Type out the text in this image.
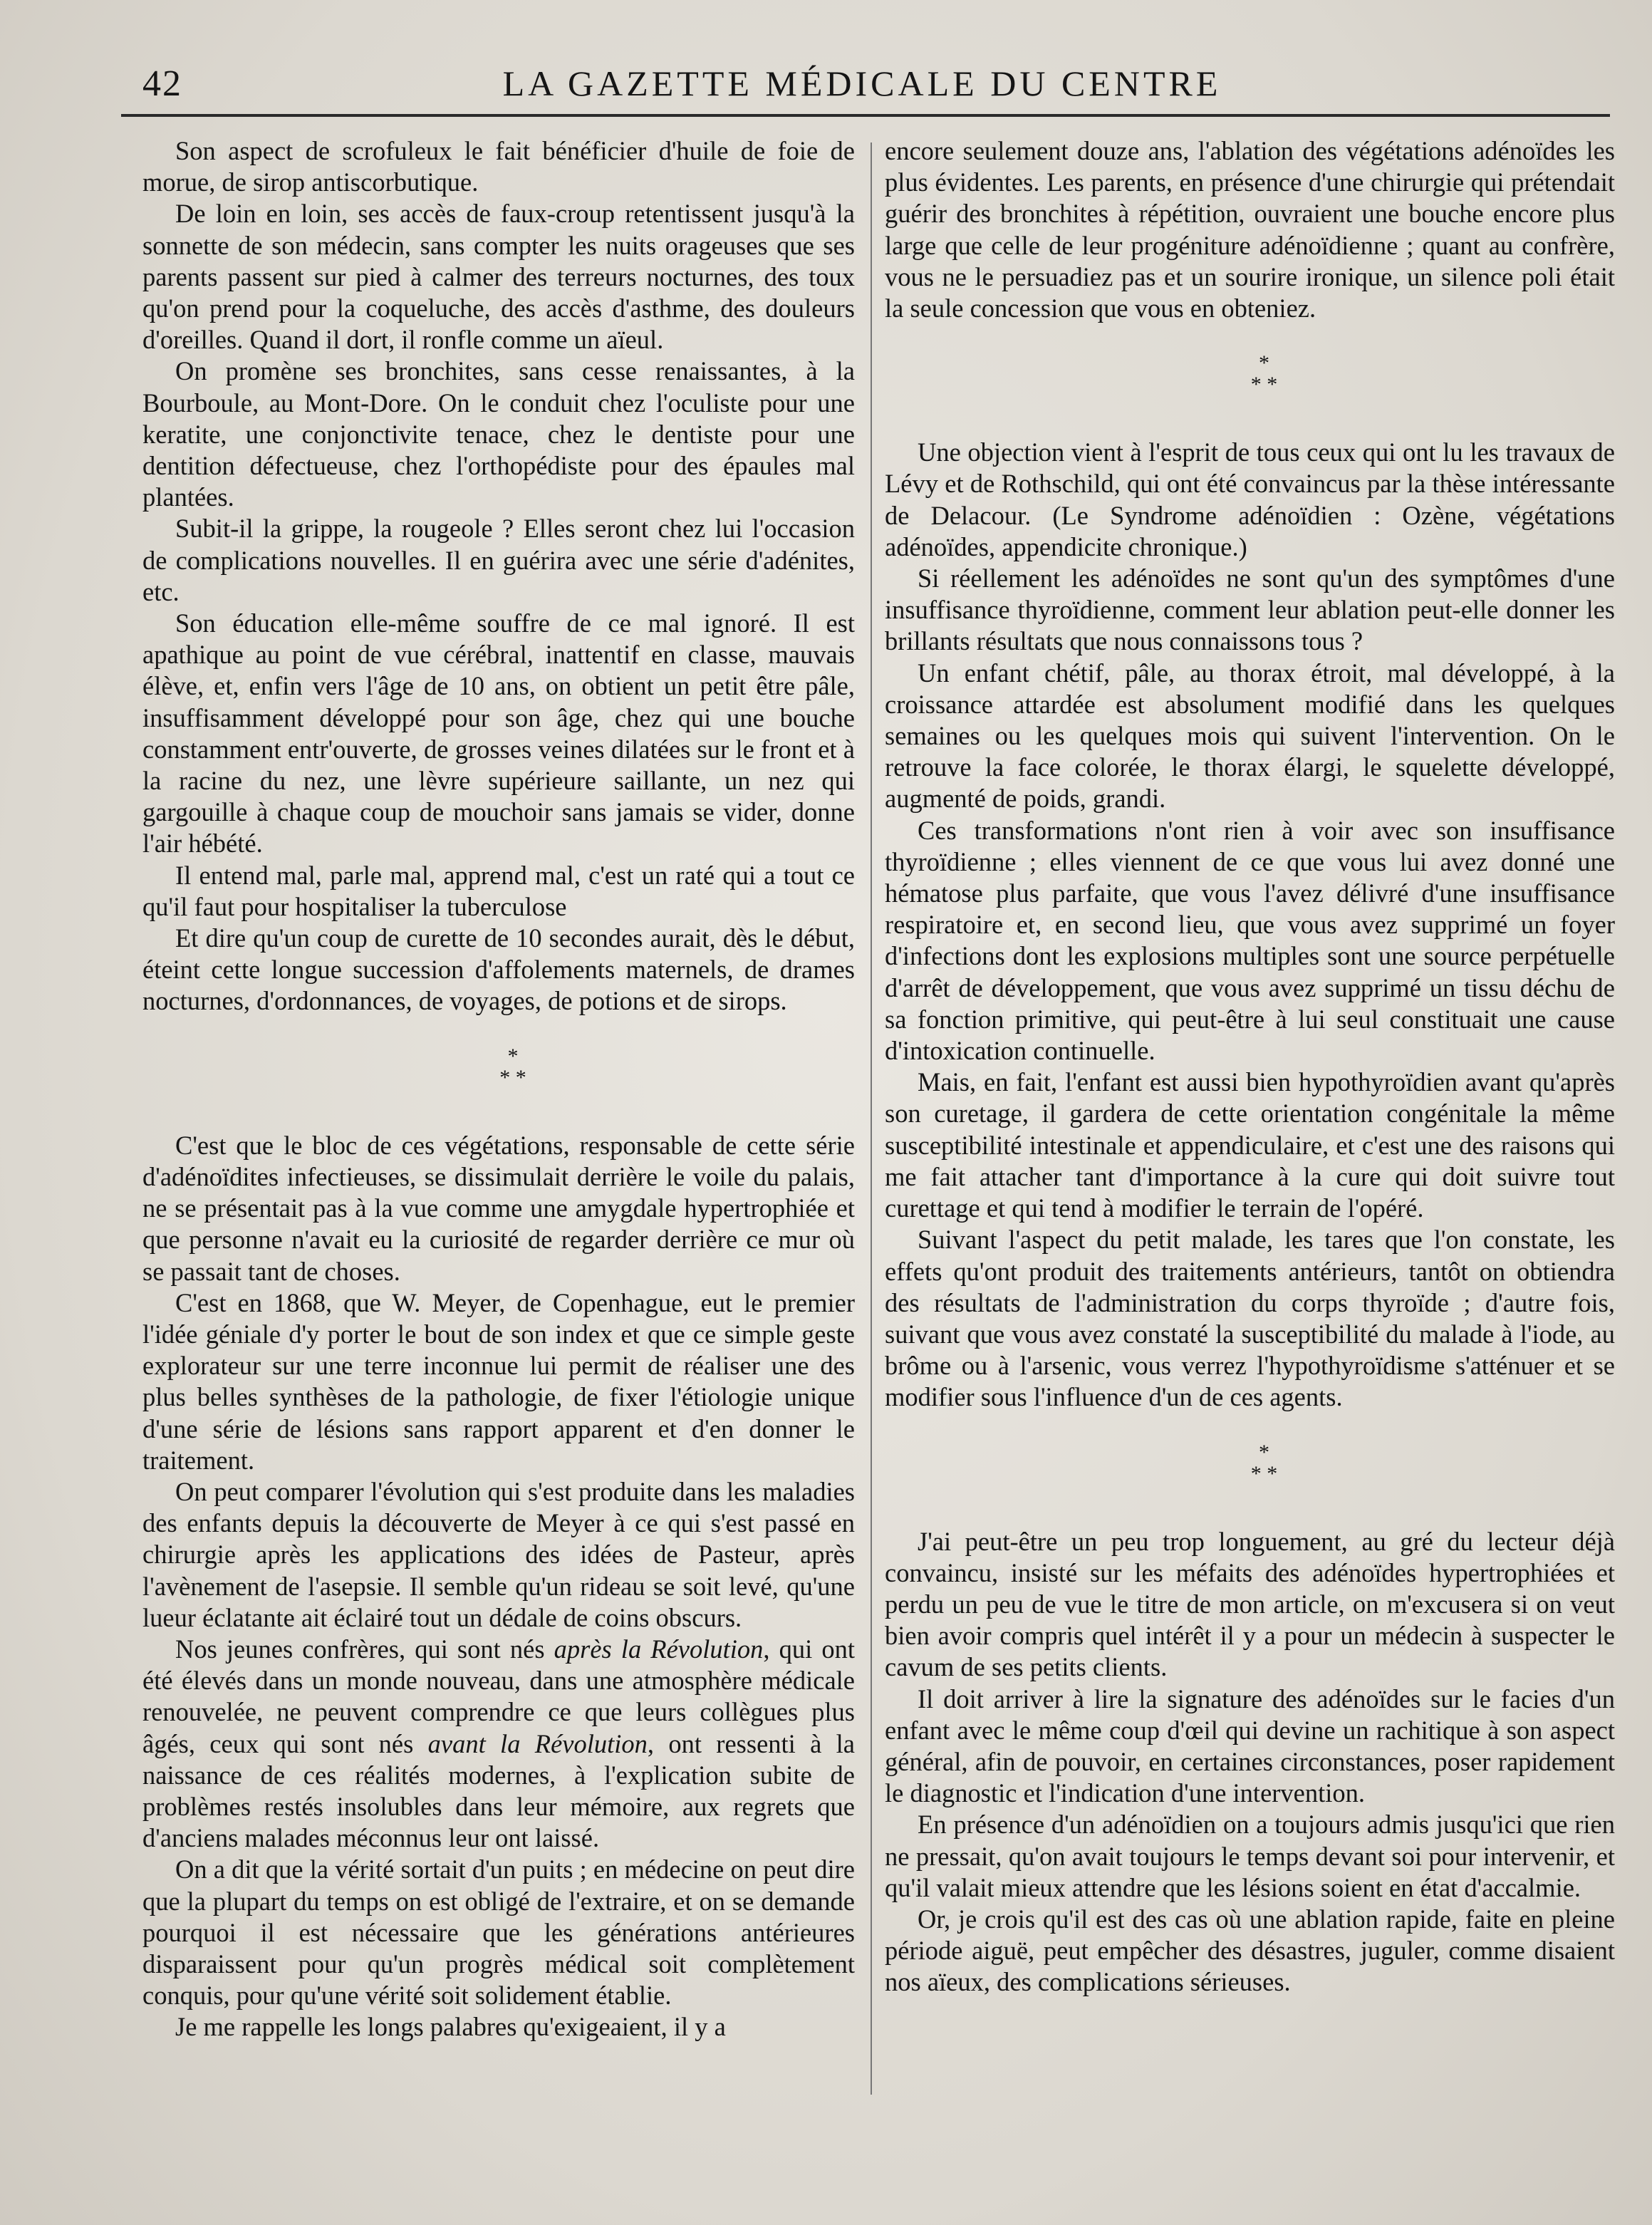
42	LA GAZETTE MÉDICALE DU CENTRE

Son aspect de scrofuleux le fait bénéficier d'huile de foie de morue, de sirop antiscorbutique.

De loin en loin, ses accès de faux-croup retentissent jusqu'à la sonnette de son médecin, sans compter les nuits orageuses que ses parents passent sur pied à calmer des terreurs nocturnes, des toux qu'on prend pour la coqueluche, des accès d'asthme, des douleurs d'oreilles. Quand il dort, il ronfle comme un aïeul.

On promène ses bronchites, sans cesse renaissantes, à la Bourboule, au Mont-Dore. On le conduit chez l'oculiste pour une keratite, une conjonctivite tenace, chez le dentiste pour une dentition défectueuse, chez l'orthopédiste pour des épaules mal plantées.

Subit-il la grippe, la rougeole ? Elles seront chez lui l'occasion de complications nouvelles. Il en guérira avec une série d'adénites, etc.

Son éducation elle-même souffre de ce mal ignoré. Il est apathique au point de vue cérébral, inattentif en classe, mauvais élève, et, enfin vers l'âge de 10 ans, on obtient un petit être pâle, insuffisamment développé pour son âge, chez qui une bouche constamment entr'ouverte, de grosses veines dilatées sur le front et à la racine du nez, une lèvre supérieure saillante, un nez qui gargouille à chaque coup de mouchoir sans jamais se vider, donne l'air hébété.

Il entend mal, parle mal, apprend mal, c'est un raté qui a tout ce qu'il faut pour hospitaliser la tuberculose

Et dire qu'un coup de curette de 10 secondes aurait, dès le début, éteint cette longue succession d'affolements maternels, de drames nocturnes, d'ordonnances, de voyages, de potions et de sirops.

*
* *

C'est que le bloc de ces végétations, responsable de cette série d'adénoïdites infectieuses, se dissimulait derrière le voile du palais, ne se présentait pas à la vue comme une amygdale hypertrophiée et que personne n'avait eu la curiosité de regarder derrière ce mur où se passait tant de choses.

C'est en 1868, que W. Meyer, de Copenhague, eut le premier l'idée géniale d'y porter le bout de son index et que ce simple geste explorateur sur une terre inconnue lui permit de réaliser une des plus belles synthèses de la pathologie, de fixer l'étiologie unique d'une série de lésions sans rapport apparent et d'en donner le traitement.

On peut comparer l'évolution qui s'est produite dans les maladies des enfants depuis la découverte de Meyer à ce qui s'est passé en chirurgie après les applications des idées de Pasteur, après l'avènement de l'asepsie. Il semble qu'un rideau se soit levé, qu'une lueur éclatante ait éclairé tout un dédale de coins obscurs.

Nos jeunes confrères, qui sont nés après la Révolution, qui ont été élevés dans un monde nouveau, dans une atmosphère médicale renouvelée, ne peuvent comprendre ce que leurs collègues plus âgés, ceux qui sont nés avant la Révolution, ont ressenti à la naissance de ces réalités modernes, à l'explication subite de problèmes restés insolubles dans leur mémoire, aux regrets que d'anciens malades méconnus leur ont laissé.

On a dit que la vérité sortait d'un puits ; en médecine on peut dire que la plupart du temps on est obligé de l'extraire, et on se demande pourquoi il est nécessaire que les générations antérieures disparaissent pour qu'un progrès médical soit complètement conquis, pour qu'une vérité soit solidement établie.

Je me rappelle les longs palabres qu'exigeaient, il y a

encore seulement douze ans, l'ablation des végétations adénoïdes les plus évidentes. Les parents, en présence d'une chirurgie qui prétendait guérir des bronchites à répétition, ouvraient une bouche encore plus large que celle de leur progéniture adénoïdienne ; quant au confrère, vous ne le persuadiez pas et un sourire ironique, un silence poli était la seule concession que vous en obteniez.

*
* *

Une objection vient à l'esprit de tous ceux qui ont lu les travaux de Lévy et de Rothschild, qui ont été convaincus par la thèse intéressante de Delacour. (Le Syndrome adénoïdien : Ozène, végétations adénoïdes, appendicite chronique.)

Si réellement les adénoïdes ne sont qu'un des symptômes d'une insuffisance thyroïdienne, comment leur ablation peut-elle donner les brillants résultats que nous connaissons tous ?

Un enfant chétif, pâle, au thorax étroit, mal développé, à la croissance attardée est absolument modifié dans les quelques semaines ou les quelques mois qui suivent l'intervention. On le retrouve la face colorée, le thorax élargi, le squelette développé, augmenté de poids, grandi.

Ces transformations n'ont rien à voir avec son insuffisance thyroïdienne ; elles viennent de ce que vous lui avez donné une hématose plus parfaite, que vous l'avez délivré d'une insuffisance respiratoire et, en second lieu, que vous avez supprimé un foyer d'infections dont les explosions multiples sont une source perpétuelle d'arrêt de développement, que vous avez supprimé un tissu déchu de sa fonction primitive, qui peut-être à lui seul constituait une cause d'intoxication continuelle.

Mais, en fait, l'enfant est aussi bien hypothyroïdien avant qu'après son curetage, il gardera de cette orientation congénitale la même susceptibilité intestinale et appendiculaire, et c'est une des raisons qui me fait attacher tant d'importance à la cure qui doit suivre tout curettage et qui tend à modifier le terrain de l'opéré.

Suivant l'aspect du petit malade, les tares que l'on constate, les effets qu'ont produit des traitements antérieurs, tantôt on obtiendra des résultats de l'administration du corps thyroïde ; d'autre fois, suivant que vous avez constaté la susceptibilité du malade à l'iode, au brôme ou à l'arsenic, vous verrez l'hypothyroïdisme s'atténuer et se modifier sous l'influence d'un de ces agents.

*
* *

J'ai peut-être un peu trop longuement, au gré du lecteur déjà convaincu, insisté sur les méfaits des adénoïdes hypertrophiées et perdu un peu de vue le titre de mon article, on m'excusera si on veut bien avoir compris quel intérêt il y a pour un médecin à suspecter le cavum de ses petits clients.

Il doit arriver à lire la signature des adénoïdes sur le facies d'un enfant avec le même coup d'œil qui devine un rachitique à son aspect général, afin de pouvoir, en certaines circonstances, poser rapidement le diagnostic et l'indication d'une intervention.

En présence d'un adénoïdien on a toujours admis jusqu'ici que rien ne pressait, qu'on avait toujours le temps devant soi pour intervenir, et qu'il valait mieux attendre que les lésions soient en état d'accalmie.

Or, je crois qu'il est des cas où une ablation rapide, faite en pleine période aiguë, peut empêcher des désastres, juguler, comme disaient nos aïeux, des complications sérieuses.
